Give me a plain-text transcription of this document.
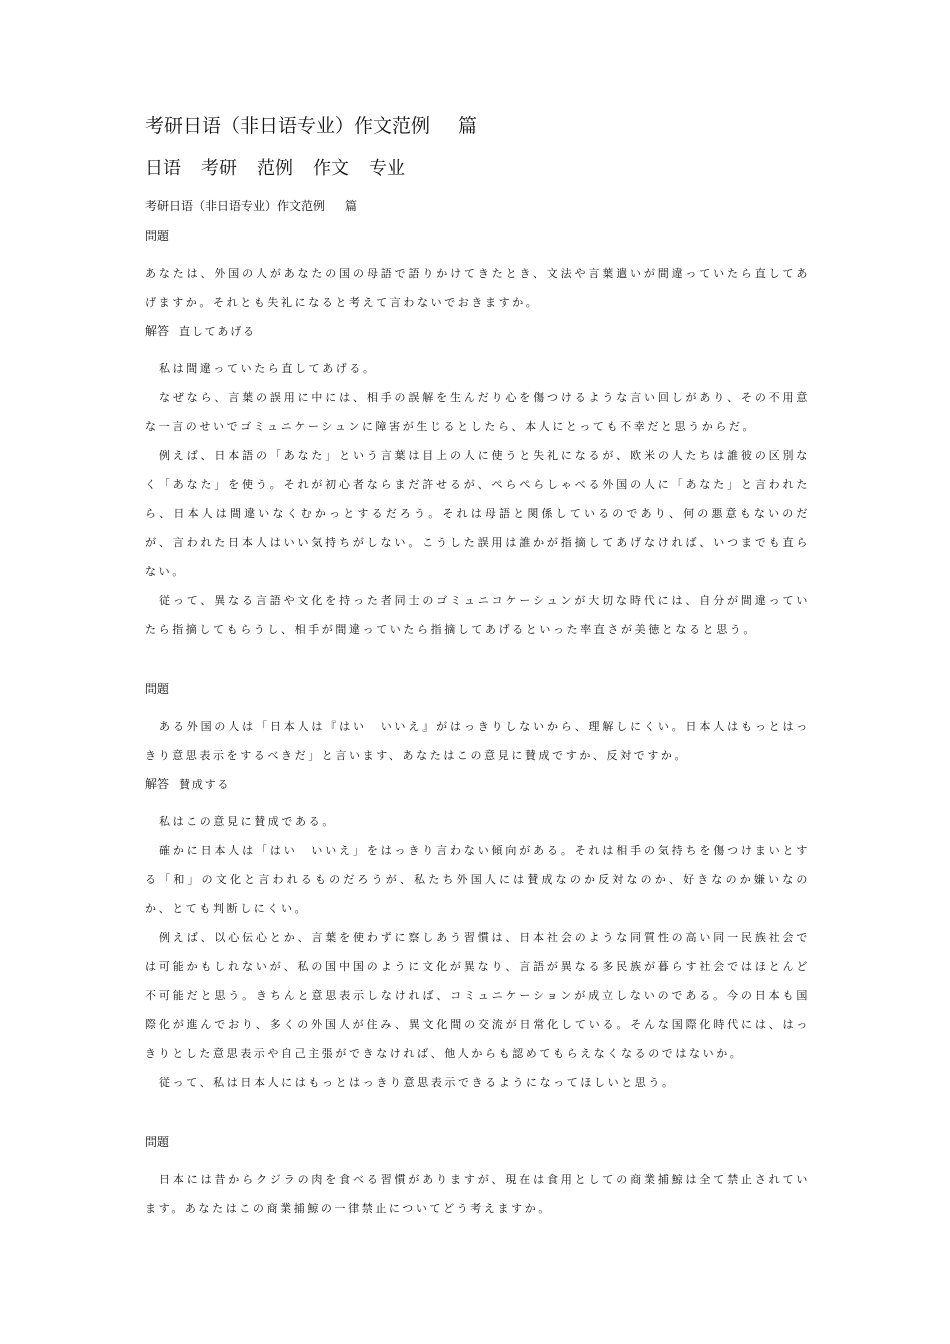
考研日语（非日语专业）作文范例 篇
日语 考研 范例 作文 专业
考研日语（非日语专业）作文范例 篇
問題

あなたは、外国の人があなたの国の母語で語りかけてきたとき、文法や言葉遣いが間違っていたら直してあげますか。それとも失礼になると考えて言わないでおきますか。

解答 直してあげる

私は間違っていたら直してあげる。

なぜなら、言葉の誤用に中には、相手の誤解を生んだり心を傷つけるような言い回しがあり、その不用意な一言のせいでゴミュニケーシュンに障害が生じるとしたら、本人にとっても不幸だと思うからだ。

例えば、日本語の「あなた」という言葉は目上の人に使うと失礼になるが、欧米の人たちは誰彼の区別なく「あなた」を使う。それが初心者ならまだ許せるが、ぺらぺらしゃべる外国の人に「あなた」と言われたら、日本人は間違いなくむかっとするだろう。それは母語と関係しているのであり、何の悪意もないのだが、言われた日本人はいい気持ちがしない。こうした誤用は誰かが指摘してあげなければ、いつまでも直らない。

従って、異なる言語や文化を持った者同士のゴミュニコケーシュンが大切な時代には、自分が間違っていたら指摘してもらうし、相手が間違っていたら指摘してあげるといった率直さが美徳となると思う。

問題

ある外国の人は「日本人は『はい　いいえ』がはっきりしないから、理解しにくい。日本人はもっとはっきり意思表示をするべきだ」と言います、あなたはこの意見に賛成ですか、反対ですか。

解答 賛成する

私はこの意見に賛成である。

確かに日本人は「はい　いいえ」をはっきり言わない傾向がある。それは相手の気持ちを傷つけまいとする「和」の文化と言われるものだろうが、私たち外国人には賛成なのか反対なのか、好きなのか嫌いなのか、とても判断しにくい。

例えば、以心伝心とか、言葉を使わずに察しあう習慣は、日本社会のような同質性の高い同一民族社会では可能かもしれないが、私の国中国のように文化が異なり、言語が異なる多民族が暮らす社会ではほとんど不可能だと思う。きちんと意思表示しなければ、コミュニケーションが成立しないのである。今の日本も国際化が進んでおり、多くの外国人が住み、異文化間の交流が日常化している。そんな国際化時代には、はっきりとした意思表示や自己主張ができなければ、他人からも認めてもらえなくなるのではないか。

従って、私は日本人にはもっとはっきり意思表示できるようになってほしいと思う。

問題

日本には昔からクジラの肉を食べる習慣がありますが、現在は食用としての商業捕鯨は全て禁止されています。あなたはこの商業捕鯨の一律禁止についてどう考えますか。
